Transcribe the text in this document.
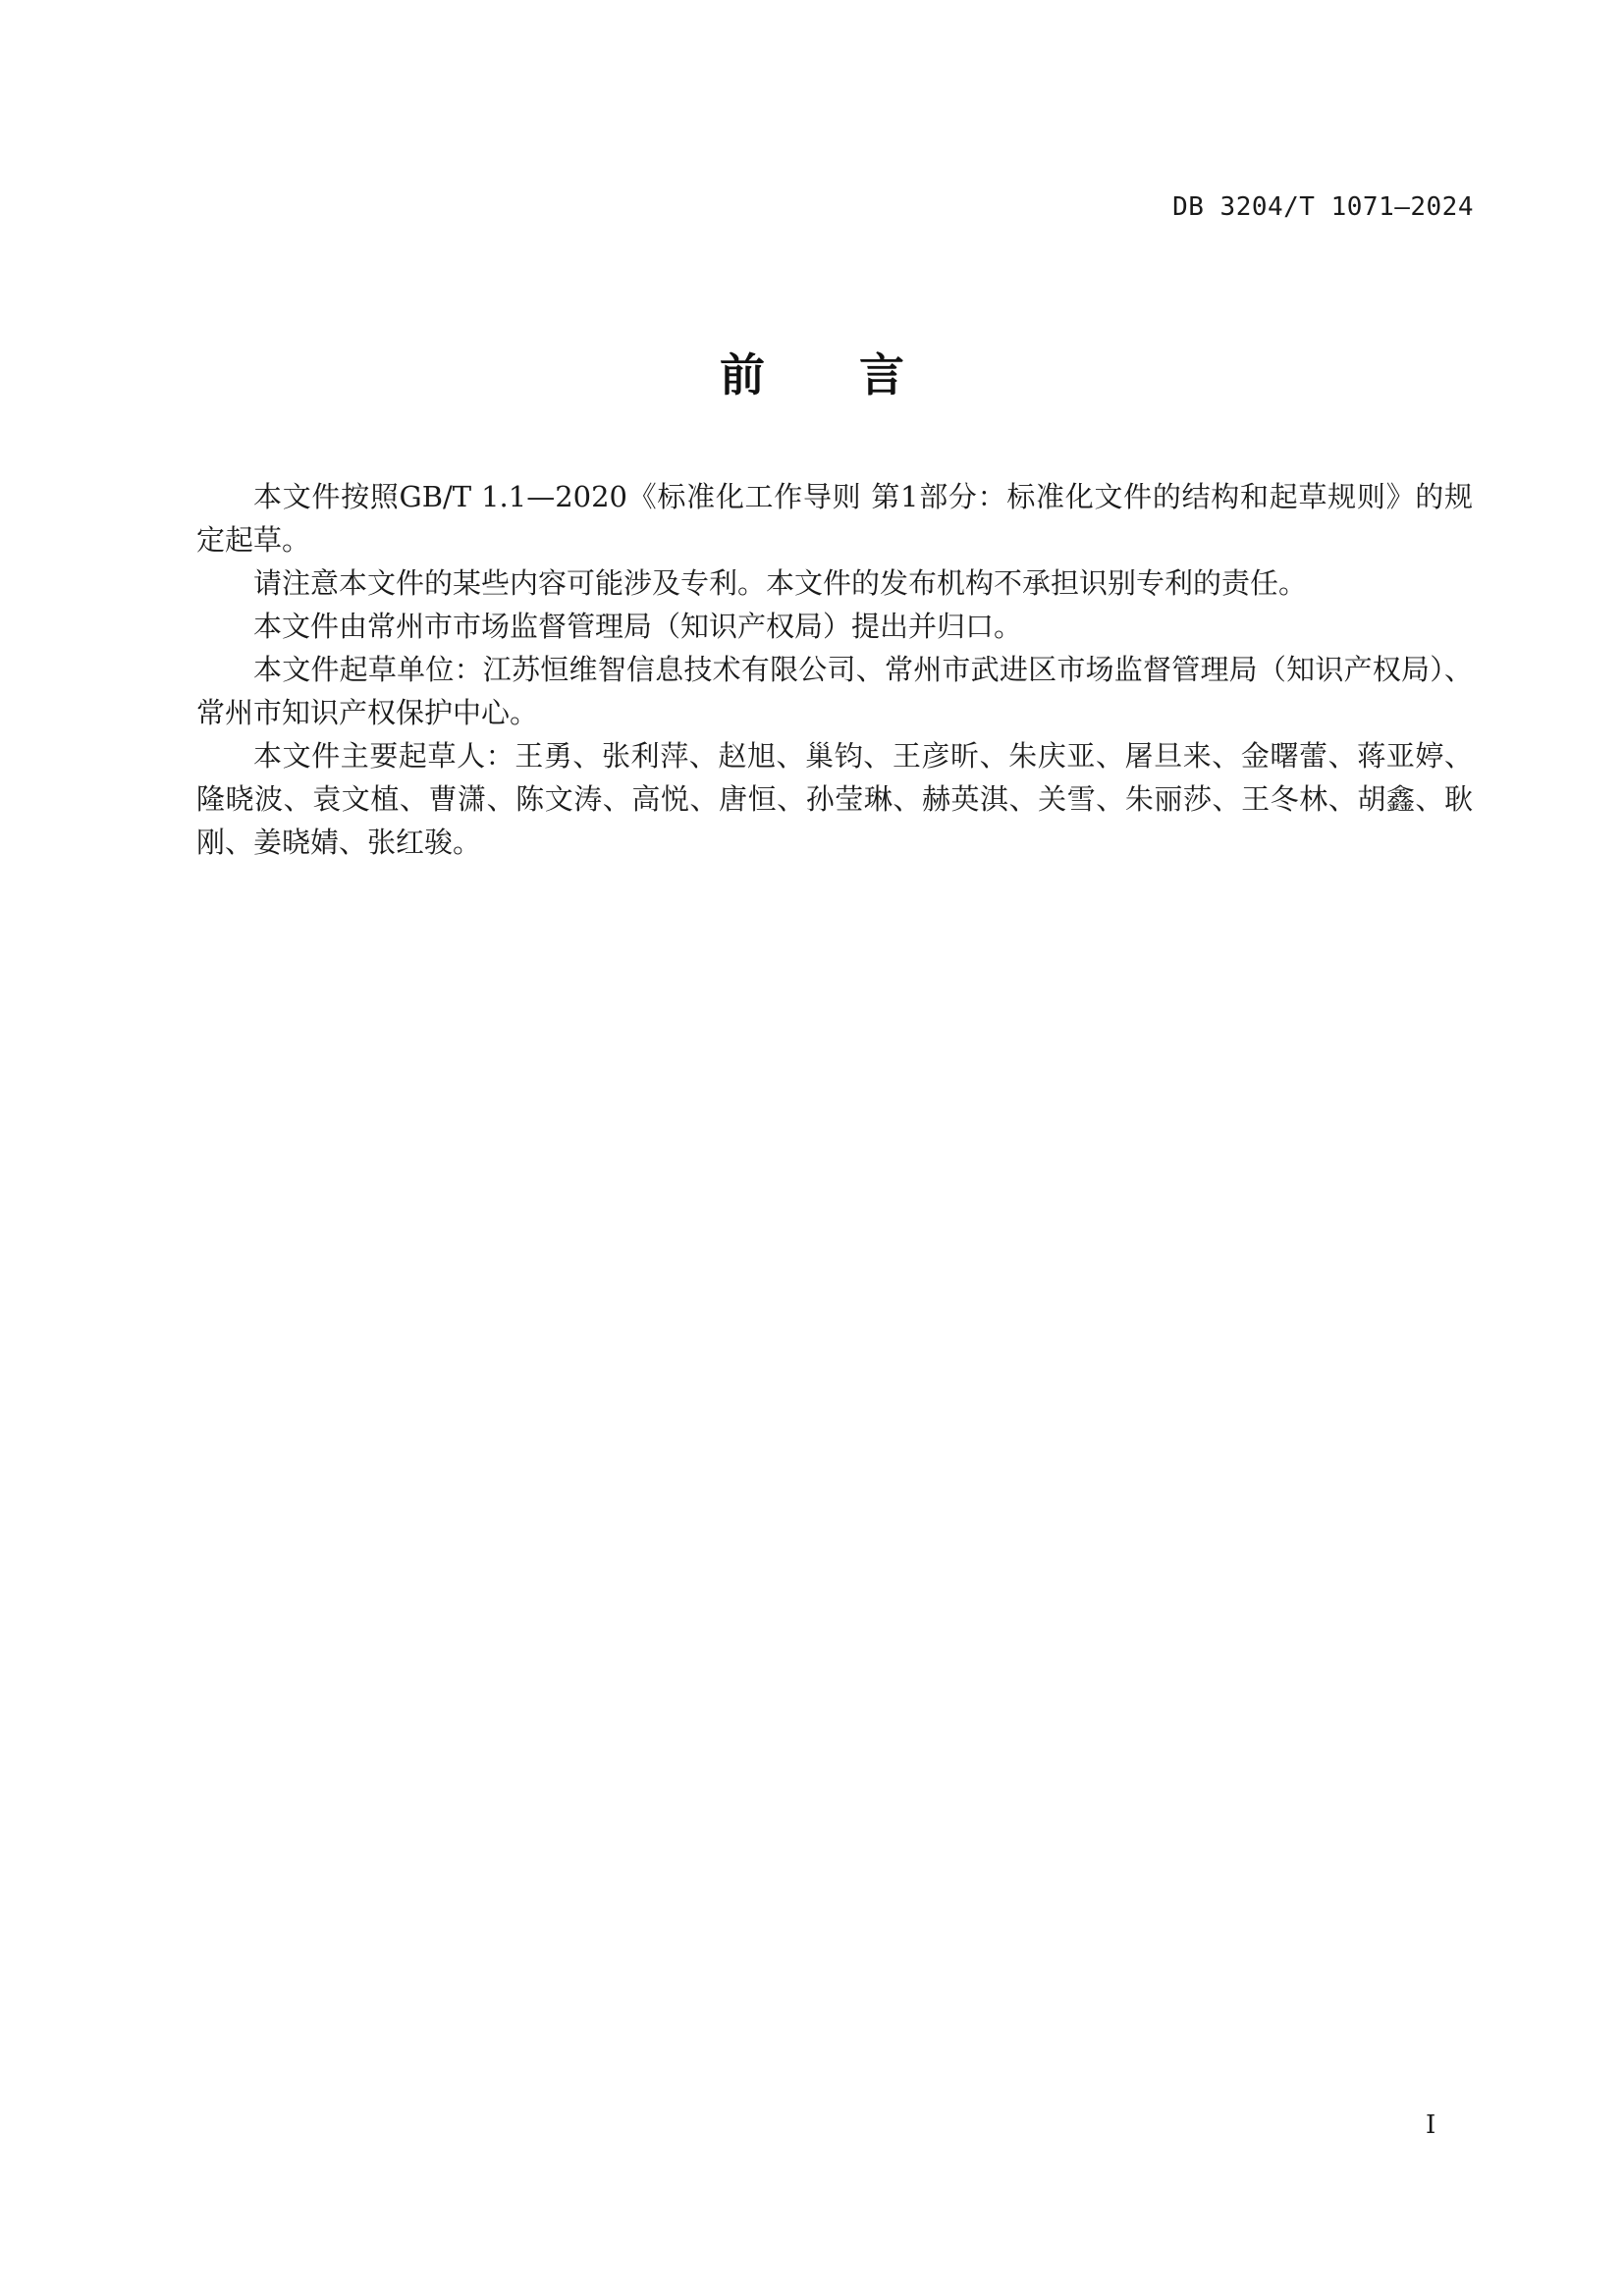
DB 3204/T 1071—2024
前言

本文件按照GB/T 1.1—2020《标准化工作导则 第1部分：标准化文件的结构和起草规则》的规定起草。

请注意本文件的某些内容可能涉及专利。本文件的发布机构不承担识别专利的责任。

本文件由常州市市场监督管理局（知识产权局）提出并归口。

本文件起草单位：江苏恒维智信息技术有限公司、常州市武进区市场监督管理局（知识产权局）、常州市知识产权保护中心。

本文件主要起草人：王勇、张利萍、赵旭、巢钧、王彦昕、朱庆亚、屠旦来、金曙蕾、蒋亚婷、隆晓波、袁文植、曹潇、陈文涛、高悦、唐恒、孙莹琳、赫英淇、关雪、朱丽莎、王冬林、胡鑫、耿刚、姜晓婧、张红骏。

I
